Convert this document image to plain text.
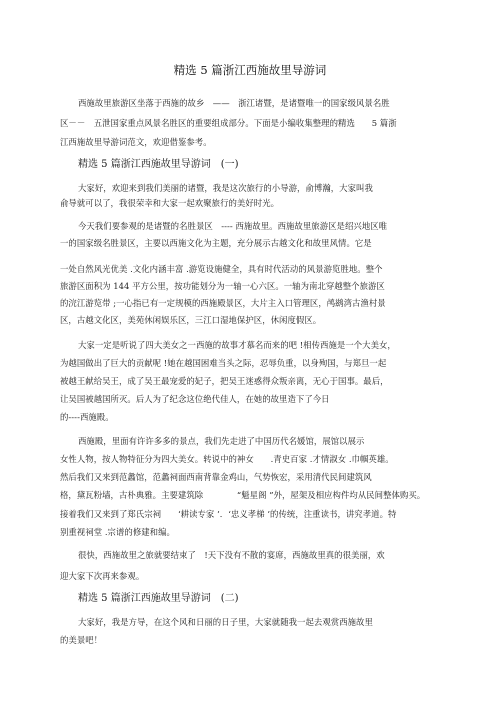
精选 5 篇浙江西施故里导游词
西施故里旅游区坐落于西施的故乡　——　浙江诸暨，是诸暨唯一的国家级风景名胜
区－－　五泄国家重点风景名胜区的重要组成部分。下面是小编收集整理的精选　　5 篇浙
江西施故里导游词范文，欢迎借鉴参考。
精选 5 篇浙江西施故里导游词　(一)
大家好，欢迎来到我们美丽的诸暨，我是这次旅行的小导游，俞博瀚，大家叫我
俞导就可以了，我很荣幸和大家一起欢聚旅行的美好时光。
今天我们要参观的是诸暨的名胜景区　---- 西施故里。西施故里旅游区是绍兴地区唯
一的国家级名胜景区，主要以西施文化为主题，充分展示古越文化和故里风情。它是
一处自然风光优美 .文化内涵丰富 .游览设施健全，具有时代活动的风景游览胜地。整个
旅游区面积为 144 平方公里，按功能划分为一轴一心六区。一轴为南北穿越整个旅游区
的浣江游览带 ;一心指已有一定规模的西施殿景区，大片主入口管理区，鸬鹚湾古渔村景
区，古越文化区，美苑休闲娱乐区，三江口湿地保护区，休闲度假区。
大家一定是听说了四大美女之一西施的故事才慕名而来的吧 !相传西施是一个大美女，
为越国做出了巨大的贡献呢 !她在越国困难当头之际，忍辱负重，以身殉国，与郑旦一起
被越王献给吴王，成了吴王最宠爱的妃子，把吴王迷惑得众叛亲离，无心于国事。最后，
让吴国被越国所灭。后人为了纪念这位绝代佳人，在她的故里造下了今日
的----西施殿。
西施殿，里面有许许多多的景点，我们先走进了中国历代名媛馆，展馆以展示
女性人物，按人物特征分为四大美女。转说中的神女　　.青史百家 .才情淑女 .巾帼英雄。
然后我们又来到范蠡馆，范蠡祠面西南背靠金鸡山，气势恢宏，采用清代民间建筑风
格，黛瓦粉墙，古朴典雅。主要建筑除　　　　“魁星阁 ”外，屋架及相应构件均从民间整体购买。
接着我们又来到了郑氏宗祠　　‘耕读专家 ’．‘忠义孝梯 ’的传统，注重读书，讲究孝道。特
别重视祠堂 .宗谱的修建和编。
很快，西施故里之旅就要结束了　!天下没有不散的宴席，西施故里真的很美丽，欢
迎大家下次再来参观。
精选 5 篇浙江西施故里导游词　(二)
大家好，我是方导，在这个风和日丽的日子里，大家就随我一起去观赏西施故里
的美景吧！
